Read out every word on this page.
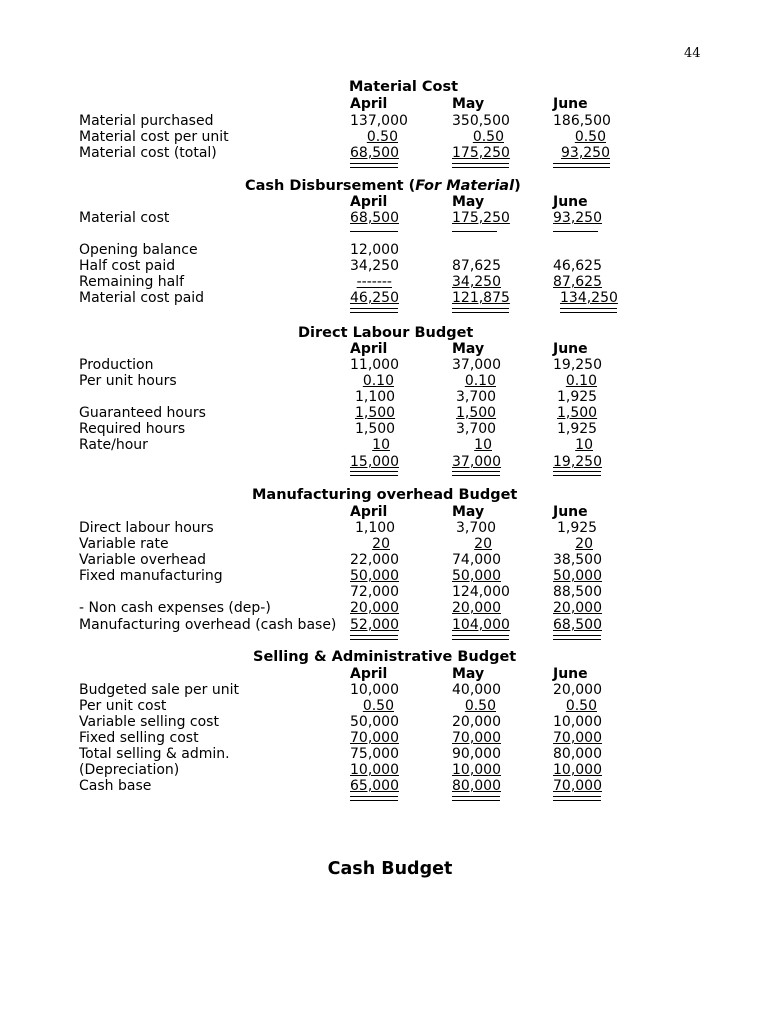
44
Material Cost
April	May	June
Material purchased	137,000	350,500	186,500
Material cost per unit	0.50	0.50	0.50
Material cost (total)	68,500	175,250	93,250
Cash Disbursement (For Material)
April	May	June
Material cost	68,500	175,250	93,250
Opening balance	12,000
Half cost paid	34,250	87,625	46,625
Remaining half	-------	34,250	87,625
Material cost paid	46,250	121,875	134,250
Direct Labour Budget
April	May	June
Production	11,000	37,000	19,250
Per unit hours	0.10	0.10	0.10
1,100	3,700	1,925
Guaranteed hours	1,500	1,500	1,500
Required hours	1,500	3,700	1,925
Rate/hour	10	10	10
15,000	37,000	19,250
Manufacturing overhead Budget
April	May	June
Direct labour hours	1,100	3,700	1,925
Variable rate	20	20	20
Variable overhead	22,000	74,000	38,500
Fixed manufacturing	50,000	50,000	50,000
72,000	124,000	88,500
- Non cash expenses (dep-)	20,000	20,000	20,000
Manufacturing overhead (cash base) 52,000	104,000	68,500
Selling & Administrative Budget
April	May	June
Budgeted sale per unit	10,000	40,000	20,000
Per unit cost	0.50	0.50	0.50
Variable selling cost	50,000	20,000	10,000
Fixed selling cost	70,000	70,000	70,000
Total selling & admin.	75,000	90,000	80,000
(Depreciation)	10,000	10,000	10,000
Cash base	65,000	80,000	70,000
Cash Budget
